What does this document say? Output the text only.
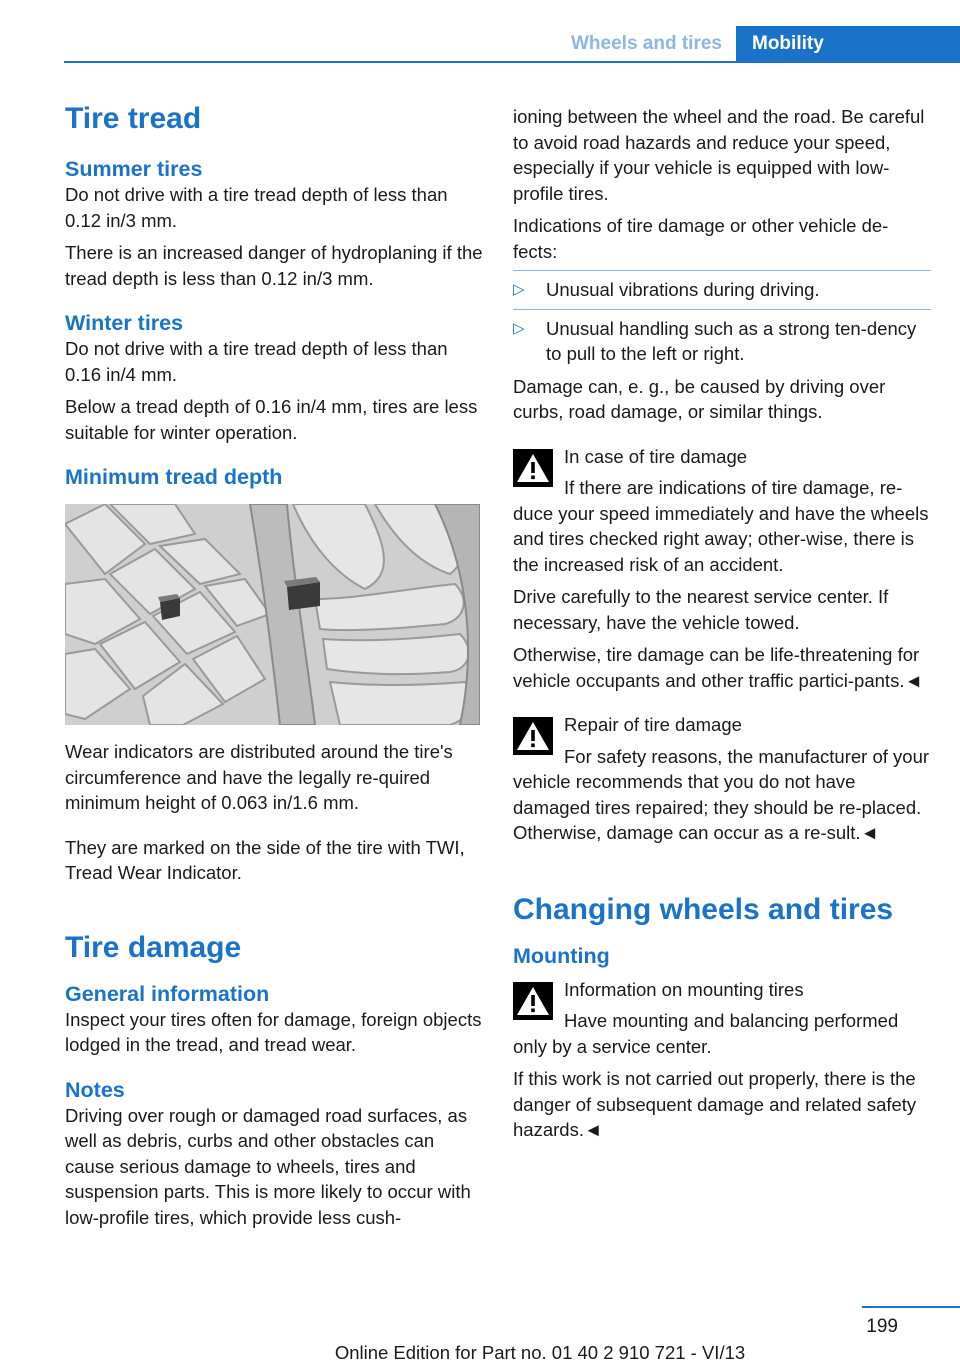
Wheels and tires	Mobility
Tire tread
Summer tires

Do not drive with a tire tread depth of less than 0.12 in/3 mm.

There is an increased danger of hydroplaning if the tread depth is less than 0.12 in/3 mm.

Winter tires

Do not drive with a tire tread depth of less than 0.16 in/4 mm.

Below a tread depth of 0.16 in/4 mm, tires are less suitable for winter operation.

Minimum tread depth

Wear indicators are distributed around the tire's circumference and have the legally re‐quired minimum height of 0.063 in/1.6 mm.

They are marked on the side of the tire with TWI, Tread Wear Indicator.

Tire damage
General information

Inspect your tires often for damage, foreign objects lodged in the tread, and tread wear.

Notes

Driving over rough or damaged road surfaces, as well as debris, curbs and other obstacles can cause serious damage to wheels, tires and suspension parts. This is more likely to occur with low-profile tires, which provide less cush‐

ioning between the wheel and the road. Be careful to avoid road hazards and reduce your speed, especially if your vehicle is equipped with low-profile tires.

Indications of tire damage or other vehicle de‐fects:

▷ Unusual vibrations during driving.
▷ Unusual handling such as a strong ten‐dency to pull to the left or right.

Damage can, e. g., be caused by driving over curbs, road damage, or similar things.

In case of tire damage
If there are indications of tire damage, re‐duce your speed immediately and have the wheels and tires checked right away; other‐wise, there is the increased risk of an accident.

Drive carefully to the nearest service center. If necessary, have the vehicle towed.

Otherwise, tire damage can be life-threatening for vehicle occupants and other traffic partici‐pants.◄

Repair of tire damage
For safety reasons, the manufacturer of your vehicle recommends that you do not have damaged tires repaired; they should be re‐placed. Otherwise, damage can occur as a re‐sult.◄
Changing wheels and tires
Mounting
Information on mounting tires
Have mounting and balancing performed only by a service center.

If this work is not carried out properly, there is the danger of subsequent damage and related safety hazards.◄

199
Online Edition for Part no. 01 40 2 910 721 - VI/13
